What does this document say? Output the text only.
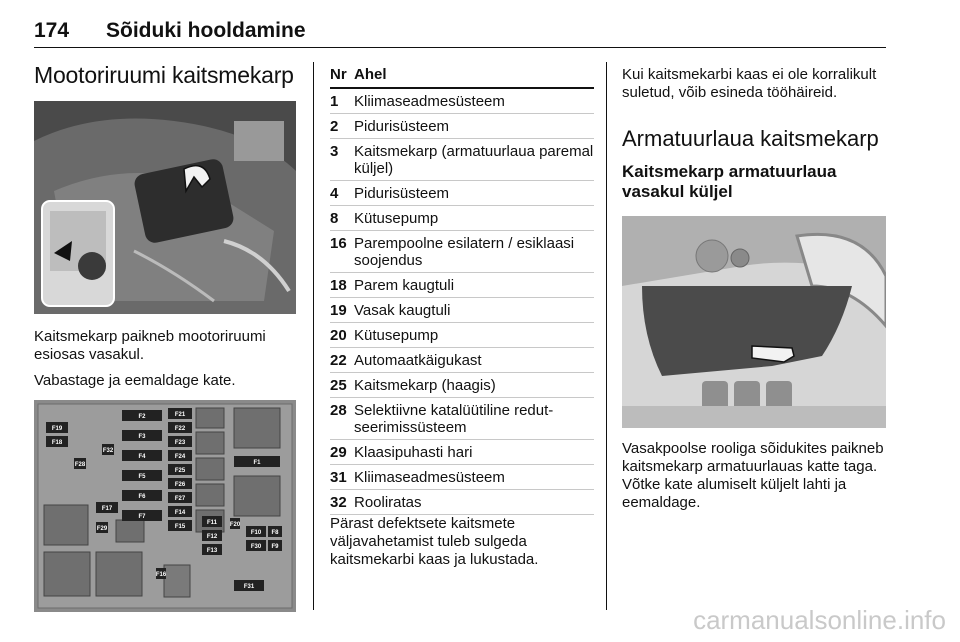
174	Sõiduki hooldamine
Mootoriruumi kaitsmekarp

Kaitsmekarp paikneb mootoriruumi esiosas vasakul.

Vabastage ja eemaldage kate.

F2	F21
F22
F23
F24
F25
F26
F27
F3
F4
F5
F6
F7
F14
F15
F11
F12
F13
F19
F18
F28
F32
F17
F29
F1
F20
F10 F8
F30 F9
F16
F31
Nr	Ahel
1	Kliimaseadmesüsteem
2	Pidurisüsteem
3	Kaitsmekarp (armatuurlaua paremal küljel)
4	Pidurisüsteem
8	Kütusepump
16	Parempoolne esilatern / esiklaasi soojendus
18	Parem kaugtuli
19	Vasak kaugtuli
20	Kütusepump
22	Automaatkäigukast
25	Kaitsmekarp (haagis)
28	Selektiivne katalüütiline redut- seerimissüsteem
29	Klaasipuhasti hari
31	Kliimaseadmesüsteem
32	Rooliratas

Pärast defektsete kaitsmete väljavahetamist tuleb sulgeda kaitsmekarbi kaas ja lukustada.

Kui kaitsmekarbi kaas ei ole korralikult suletud, võib esineda tööhäireid.

Armatuurlaua kaitsmekarp
Kaitsmekarp armatuurlaua vasakul küljel

Vasakpoolse rooliga sõidukites paikneb kaitsmekarp armatuurlauas katte taga. Võtke kate alumiselt küljelt lahti ja eemaldage.

carmanualsonline.info
